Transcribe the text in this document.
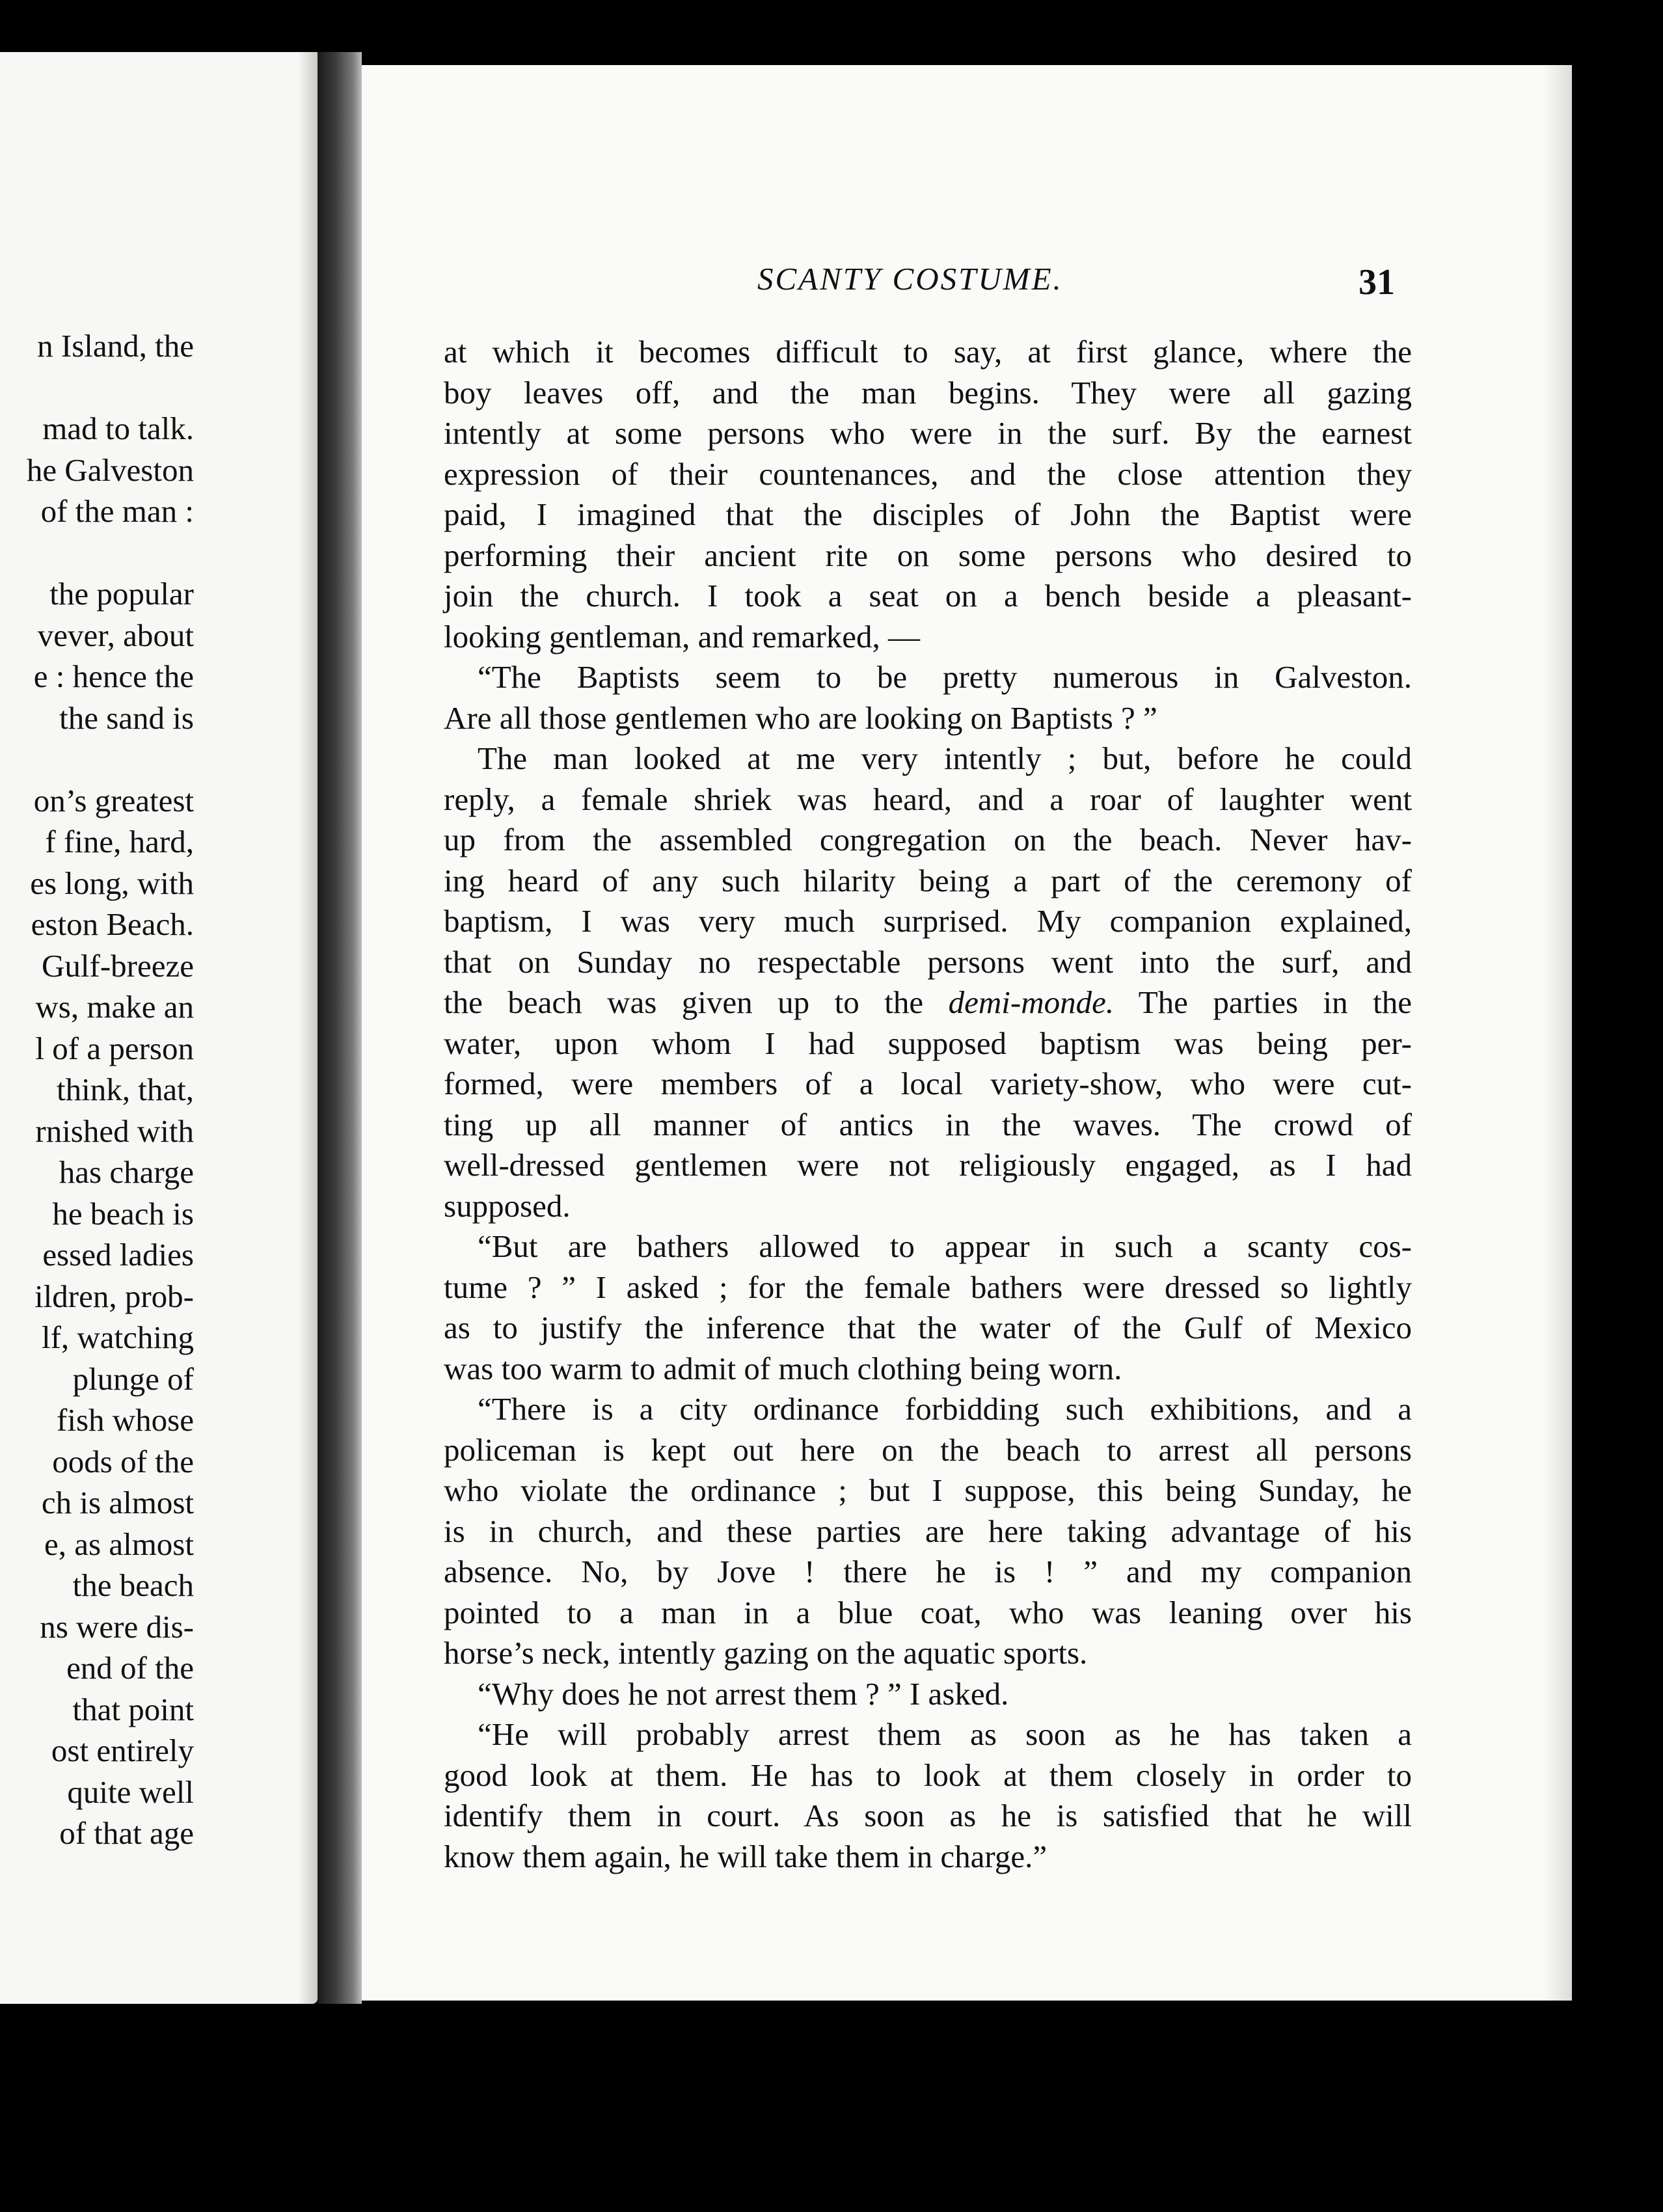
n Island, the
mad to talk.
he Galveston
of the man :
the popular
vever, about
e : hence the
the sand is
on’s greatest
f fine, hard,
es long, with
eston Beach.
Gulf-breeze
ws, make an
l of a person
think, that,
rnished with
has charge
he beach is
essed ladies
ildren, prob-
lf, watching
plunge of
fish whose
oods of the
ch is almost
e, as almost
the beach
ns were dis-
end of the
that point
ost entirely
quite well
of that age
SCANTY COSTUME.	31
at which it becomes difficult to say, at first glance, where the
boy leaves off, and the man begins. They were all gazing
intently at some persons who were in the surf. By the earnest
expression of their countenances, and the close attention they
paid, I imagined that the disciples of John the Baptist were
performing their ancient rite on some persons who desired to
join the church. I took a seat on a bench beside a pleasant-
looking gentleman, and remarked, —
“The Baptists seem to be pretty numerous in Galveston.
Are all those gentlemen who are looking on Baptists ? ”
The man looked at me very intently ; but, before he could
reply, a female shriek was heard, and a roar of laughter went
up from the assembled congregation on the beach. Never hav-
ing heard of any such hilarity being a part of the ceremony of
baptism, I was very much surprised. My companion explained,
that on Sunday no respectable persons went into the surf, and
the beach was given up to the demi-monde. The parties in the
water, upon whom I had supposed baptism was being per-
formed, were members of a local variety-show, who were cut-
ting up all manner of antics in the waves. The crowd of
well-dressed gentlemen were not religiously engaged, as I had
supposed.
“But are bathers allowed to appear in such a scanty cos-
tume ? ” I asked ; for the female bathers were dressed so lightly
as to justify the inference that the water of the Gulf of Mexico
was too warm to admit of much clothing being worn.
“There is a city ordinance forbidding such exhibitions, and a
policeman is kept out here on the beach to arrest all persons
who violate the ordinance ; but I suppose, this being Sunday, he
is in church, and these parties are here taking advantage of his
absence. No, by Jove ! there he is ! ” and my companion
pointed to a man in a blue coat, who was leaning over his
horse’s neck, intently gazing on the aquatic sports.
“Why does he not arrest them ? ” I asked.
“He will probably arrest them as soon as he has taken a
good look at them. He has to look at them closely in order to
identify them in court. As soon as he is satisfied that he will
know them again, he will take them in charge.”
